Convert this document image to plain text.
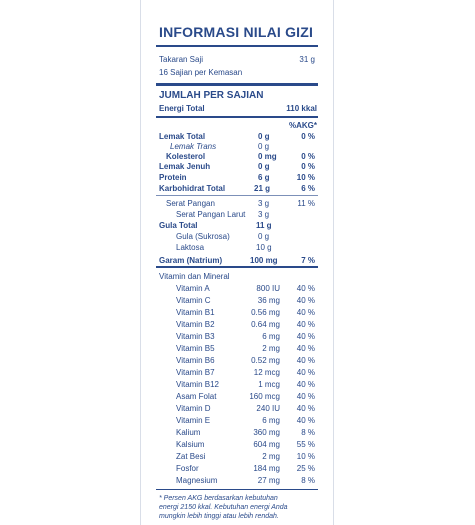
INFORMASI NILAI GIZI
Takaran Saji	31 g
16 Sajian per Kemasan
JUMLAH PER SAJIAN
Energi Total	110 kkal
%AKG*
Lemak Total	0 g	0 %
Lemak Trans	0 g
Kolesterol	0 mg	0 %
Lemak Jenuh	0 g	0 %
Protein	6 g	10 %
Karbohidrat Total	21 g	6 %
Serat Pangan	3 g	11 %
Serat Pangan Larut 3 g
Gula Total	11 g
Gula (Sukrosa)	0 g
Laktosa	10 g
Garam (Natrium)	100 mg	7 %
Vitamin dan Mineral
Vitamin A	800 IU	40 %
Vitamin C	36 mg	40 %
Vitamin B1	0.56 mg	40 %
Vitamin B2	0.64 mg	40 %
Vitamin B3	6 mg	40 %
Vitamin B5	2 mg	40 %
Vitamin B6	0.52 mg	40 %
Vitamin B7	12 mcg	40 %
Vitamin B12	1 mcg	40 %
Asam Folat	160 mcg	40 %
Vitamin D	240 IU	40 %
Vitamin E	6 mg	40 %
Kalium	360 mg	8 %
Kalsium	604 mg	55 %
Zat Besi	2 mg	10 %
Fosfor	184 mg	25 %
Magnesium	27 mg	8 %
* Persen AKG berdasarkan kebutuhan
energi 2150 kkal. Kebutuhan energi Anda
mungkin lebih tinggi atau lebih rendah.
